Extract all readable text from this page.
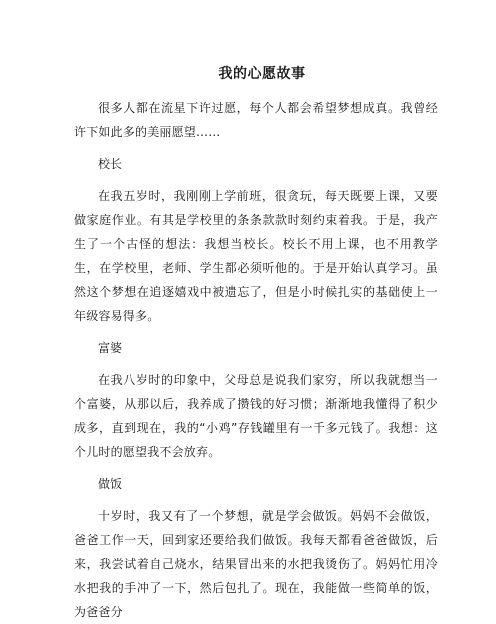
我的心愿故事

很多人都在流星下许过愿，每个人都会希望梦想成真。我曾经许下如此多的美丽愿望……

校长

在我五岁时，我刚刚上学前班，很贪玩，每天既要上课，又要做家庭作业。有其是学校里的条条款款时刻约束着我。于是，我产生了一个古怪的想法：我想当校长。校长不用上课，也不用教学生，在学校里，老师、学生都必须听他的。于是开始认真学习。虽然这个梦想在追逐嬉戏中被遗忘了，但是小时候扎实的基础使上一年级容易得多。

富婆

在我八岁时的印象中，父母总是说我们家穷，所以我就想当一个富婆，从那以后，我养成了攒钱的好习惯；渐渐地我懂得了积少成多，直到现在，我的“小鸡”存钱罐里有一千多元钱了。我想：这个儿时的愿望我不会放弃。

做饭

十岁时，我又有了一个梦想，就是学会做饭。妈妈不会做饭，爸爸工作一天，回到家还要给我们做饭。我每天都看爸爸做饭，后来，我尝试着自己烧水，结果冒出来的水把我烫伤了。妈妈忙用冷水把我的手冲了一下，然后包扎了。现在，我能做一些简单的饭，为爸爸分
